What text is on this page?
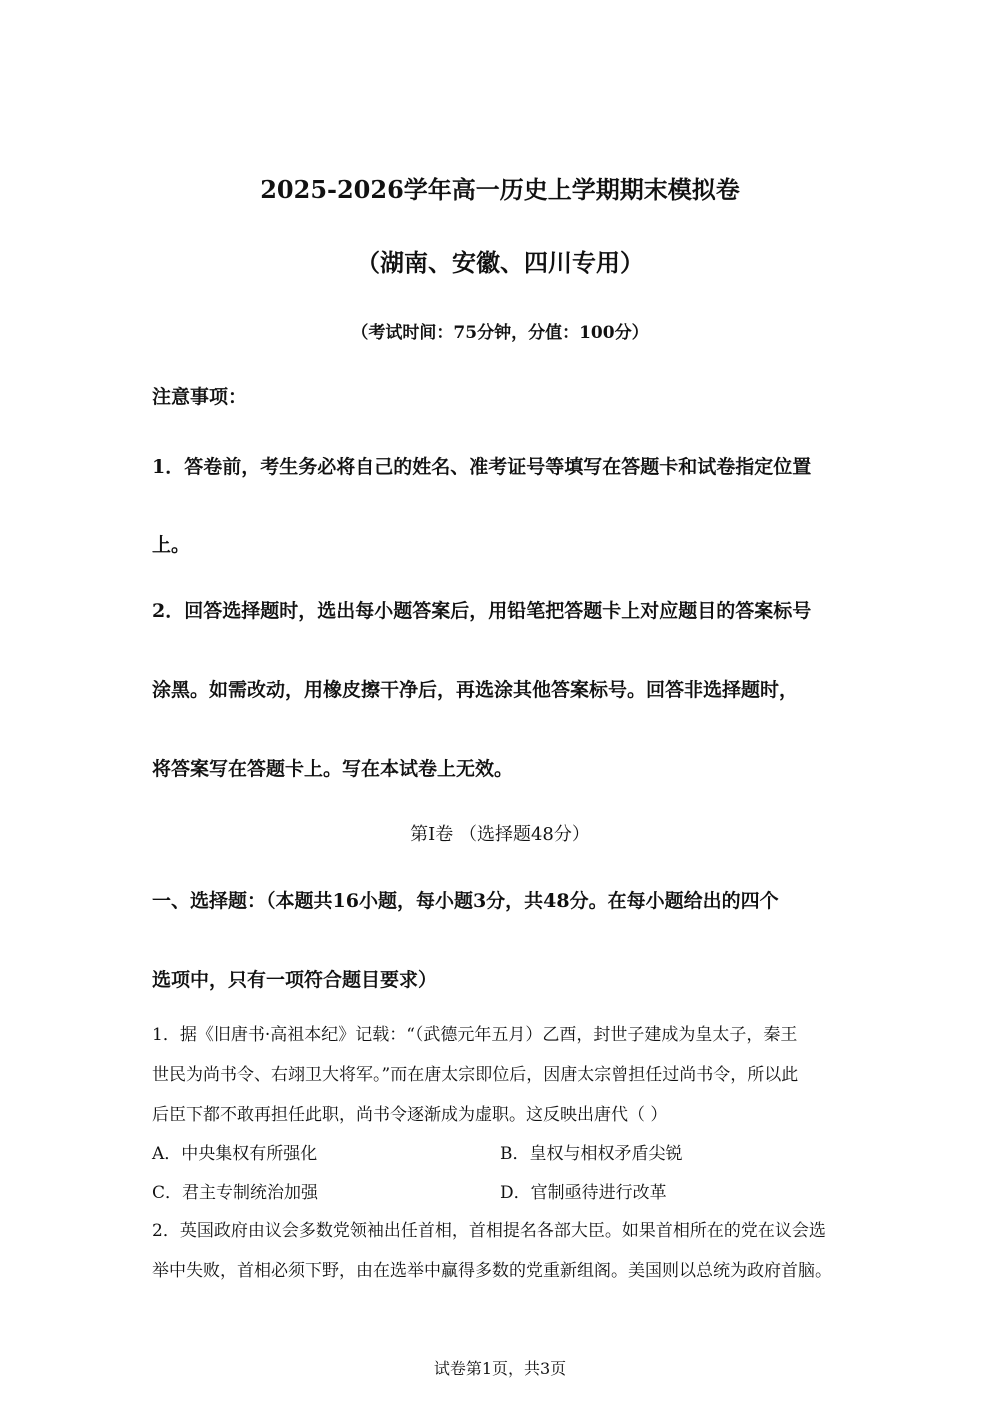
2025-2026学年高一历史上学期期末模拟卷
（湖南、安徽、四川专用）
（考试时间：75分钟，分值：100分）
注意事项：
1．答卷前，考生务必将自己的姓名、准考证号等填写在答题卡和试卷指定位置
上。
2．回答选择题时，选出每小题答案后，用铅笔把答题卡上对应题目的答案标号
涂黑。如需改动，用橡皮擦干净后，再选涂其他答案标号。回答非选择题时，
将答案写在答题卡上。写在本试卷上无效。
第Ⅰ卷 （选择题48分）
一、选择题：（本题共16小题，每小题3分，共48分。在每小题给出的四个
选项中，只有一项符合题目要求）
1．据《旧唐书·高祖本纪》记载：“（武德元年五月）乙酉，封世子建成为皇太子，秦王
世民为尚书令、右翊卫大将军。”而在唐太宗即位后，因唐太宗曾担任过尚书令，所以此
后臣下都不敢再担任此职，尚书令逐渐成为虚职。这反映出唐代（ ）
A．中央集权有所强化	B．皇权与相权矛盾尖锐
C．君主专制统治加强	D．官制亟待进行改革
2．英国政府由议会多数党领袖出任首相，首相提名各部大臣。如果首相所在的党在议会选
举中失败，首相必须下野，由在选举中赢得多数的党重新组阁。美国则以总统为政府首脑。
试卷第1页，共3页
